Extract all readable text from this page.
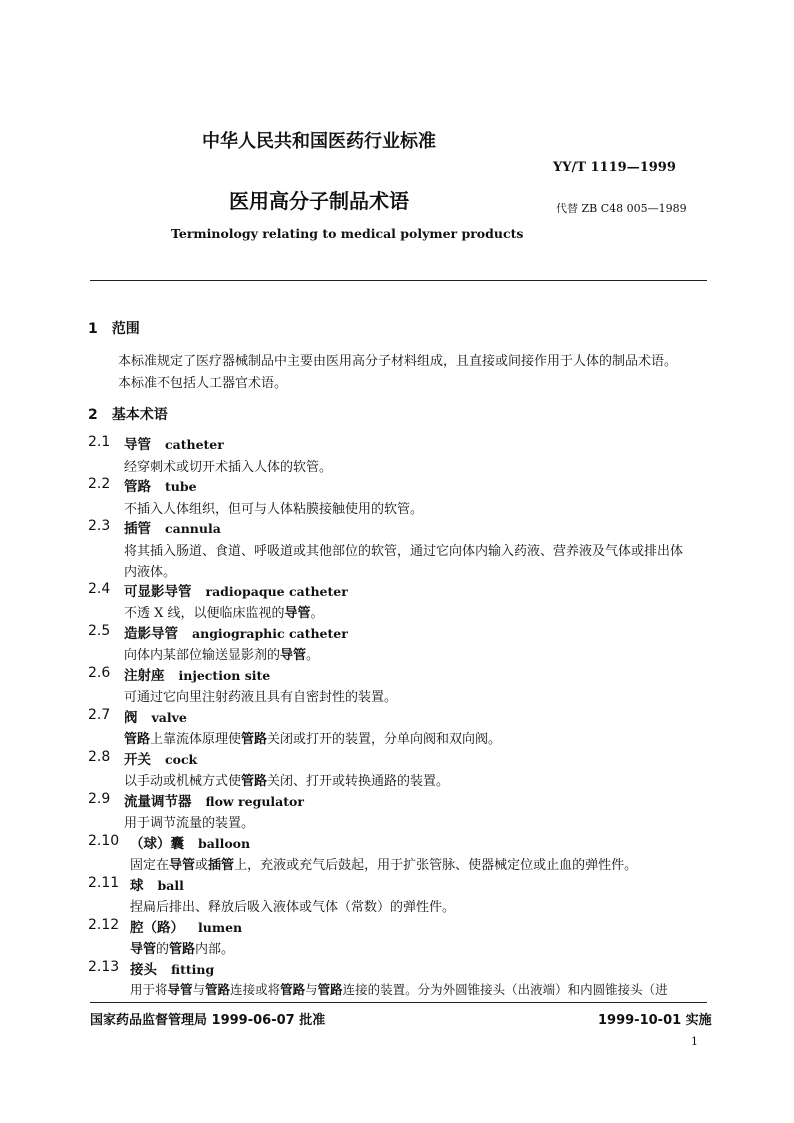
中华人民共和国医药行业标准
YY/T 1119—1999
医用高分子制品术语	代替 ZB C48 005—1989
Terminology relating to medical polymer products
1　范围
本标准规定了医疗器械制品中主要由医用高分子材料组成，且直接或间接作用于人体的制品术语。
本标准不包括人工器官术语。
2　基本术语
2.1 导管 catheter
经穿刺术或切开术插入人体的软管。
2.2 管路 tube
不插入人体组织，但可与人体粘膜接触使用的软管。
2.3 插管 cannula
将其插入肠道、食道、呼吸道或其他部位的软管，通过它向体内输入药液、营养液及气体或排出体
内液体。
2.4 可显影导管 radiopaque catheter
不透 X 线，以便临床监视的导管。
2.5 造影导管 angiographic catheter
向体内某部位输送显影剂的导管。
2.6 注射座 injection site
可通过它向里注射药液且具有自密封性的装置。
2.7 阀 valve
管路上靠流体原理使管路关闭或打开的装置，分单向阀和双向阀。
2.8 开关 cock
以手动或机械方式使管路关闭、打开或转换通路的装置。
2.9 流量调节器 flow regulator
用于调节流量的装置。
2.10 （球）囊 balloon
固定在导管或插管上，充液或充气后鼓起，用于扩张管脉、使器械定位或止血的弹性件。
2.11 球 ball
捏扁后排出、释放后吸入液体或气体（常数）的弹性件。
2.12 腔（路） lumen
导管的管路内部。
2.13 接头 fitting
用于将导管与管路连接或将管路与管路连接的装置。分为外圆锥接头（出液端）和内圆锥接头（进
国家药品监督管理局 1999-06-07 批准	1999-10-01 实施
1
